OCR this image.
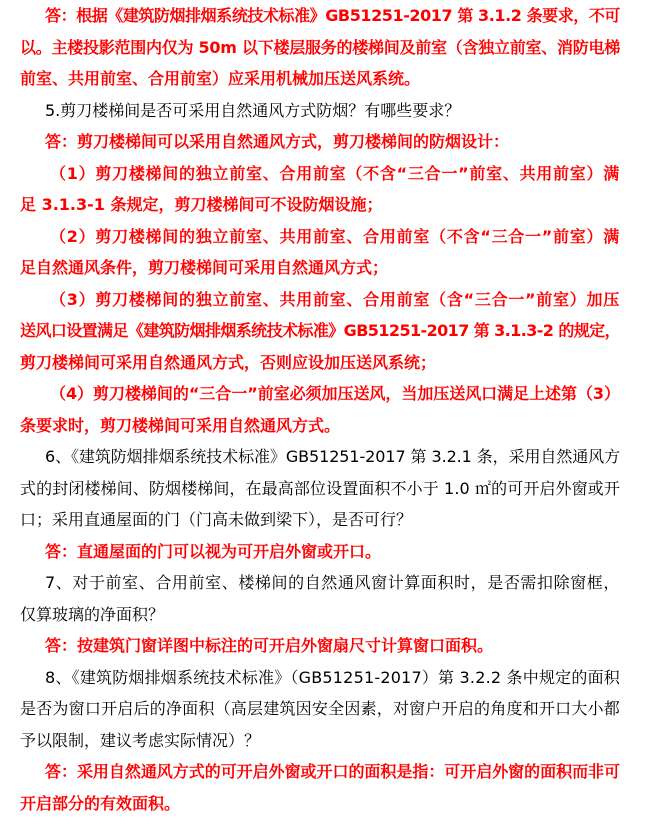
答：根据《建筑防烟排烟系统技术标准》GB51251-2017 第 3.1.2 条要求，不可
以。主楼投影范围内仅为 50m 以下楼层服务的楼梯间及前室（含独立前室、消防电梯
前室、共用前室、合用前室）应采用机械加压送风系统。
5.剪刀楼梯间是否可采用自然通风方式防烟？有哪些要求？
答：剪刀楼梯间可以采用自然通风方式，剪刀楼梯间的防烟设计：
（1）剪刀楼梯间的独立前室、合用前室（不含“三合一”前室、共用前室）满
足 3.1.3-1 条规定，剪刀楼梯间可不设防烟设施；
（2）剪刀楼梯间的独立前室、共用前室、合用前室（不含“三合一”前室）满
足自然通风条件，剪刀楼梯间可采用自然通风方式；
（3）剪刀楼梯间的独立前室、共用前室、合用前室（含“三合一”前室）加压
送风口设置满足《建筑防烟排烟系统技术标准》GB51251-2017 第 3.1.3-2 的规定，
剪刀楼梯间可采用自然通风方式，否则应设加压送风系统；
（4）剪刀楼梯间的“三合一”前室必须加压送风，当加压送风口满足上述第（3）
条要求时，剪刀楼梯间可采用自然通风方式。
6、《建筑防烟排烟系统技术标准》GB51251-2017 第 3.2.1 条，采用自然通风方
式的封闭楼梯间、防烟楼梯间，在最高部位设置面积不小于 1.0 ㎡的可开启外窗或开
口；采用直通屋面的门（门高未做到梁下），是否可行？
答：直通屋面的门可以视为可开启外窗或开口。
7、对于前室、合用前室、楼梯间的自然通风窗计算面积时，是否需扣除窗框，
仅算玻璃的净面积？
答：按建筑门窗详图中标注的可开启外窗扇尺寸计算窗口面积。
8、《建筑防烟排烟系统技术标准》（GB51251-2017）第 3.2.2 条中规定的面积
是否为窗口开启后的净面积（高层建筑因安全因素，对窗户开启的角度和开口大小都
予以限制，建议考虑实际情况）？
答：采用自然通风方式的可开启外窗或开口的面积是指：可开启外窗的面积而非可
开启部分的有效面积。
